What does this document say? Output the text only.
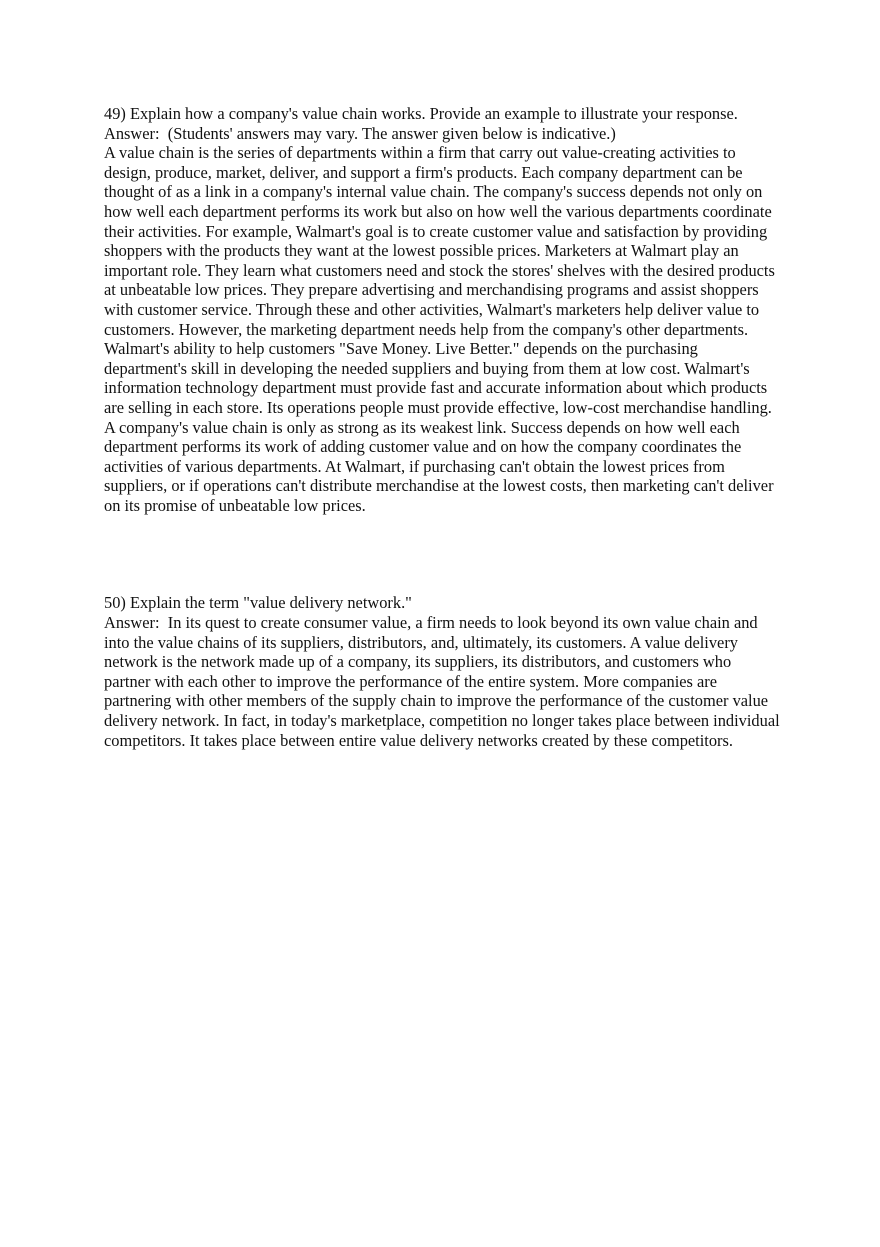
49) Explain how a company's value chain works. Provide an example to illustrate your response.

Answer:  (Students' answers may vary. The answer given below is indicative.)

A value chain is the series of departments within a firm that carry out value-creating activities to design, produce, market, deliver, and support a firm's products. Each company department can be thought of as a link in a company's internal value chain. The company's success depends not only on how well each department performs its work but also on how well the various departments coordinate their activities. For example, Walmart's goal is to create customer value and satisfaction by providing shoppers with the products they want at the lowest possible prices. Marketers at Walmart play an important role. They learn what customers need and stock the stores' shelves with the desired products at unbeatable low prices. They prepare advertising and merchandising programs and assist shoppers with customer service. Through these and other activities, Walmart's marketers help deliver value to customers. However, the marketing department needs help from the company's other departments. Walmart's ability to help customers "Save Money. Live Better." depends on the purchasing department's skill in developing the needed suppliers and buying from them at low cost. Walmart's information technology department must provide fast and accurate information about which products are selling in each store. Its operations people must provide effective, low-cost merchandise handling. A company's value chain is only as strong as its weakest link. Success depends on how well each department performs its work of adding customer value and on how the company coordinates the activities of various departments. At Walmart, if purchasing can't obtain the lowest prices from suppliers, or if operations can't distribute merchandise at the lowest costs, then marketing can't deliver on its promise of unbeatable low prices.

50) Explain the term "value delivery network."

Answer:  In its quest to create consumer value, a firm needs to look beyond its own value chain and into the value chains of its suppliers, distributors, and, ultimately, its customers. A value delivery network is the network made up of a company, its suppliers, its distributors, and customers who partner with each other to improve the performance of the entire system. More companies are partnering with other members of the supply chain to improve the performance of the customer value delivery network. In fact, in today's marketplace, competition no longer takes place between individual competitors. It takes place between entire value delivery networks created by these competitors.
